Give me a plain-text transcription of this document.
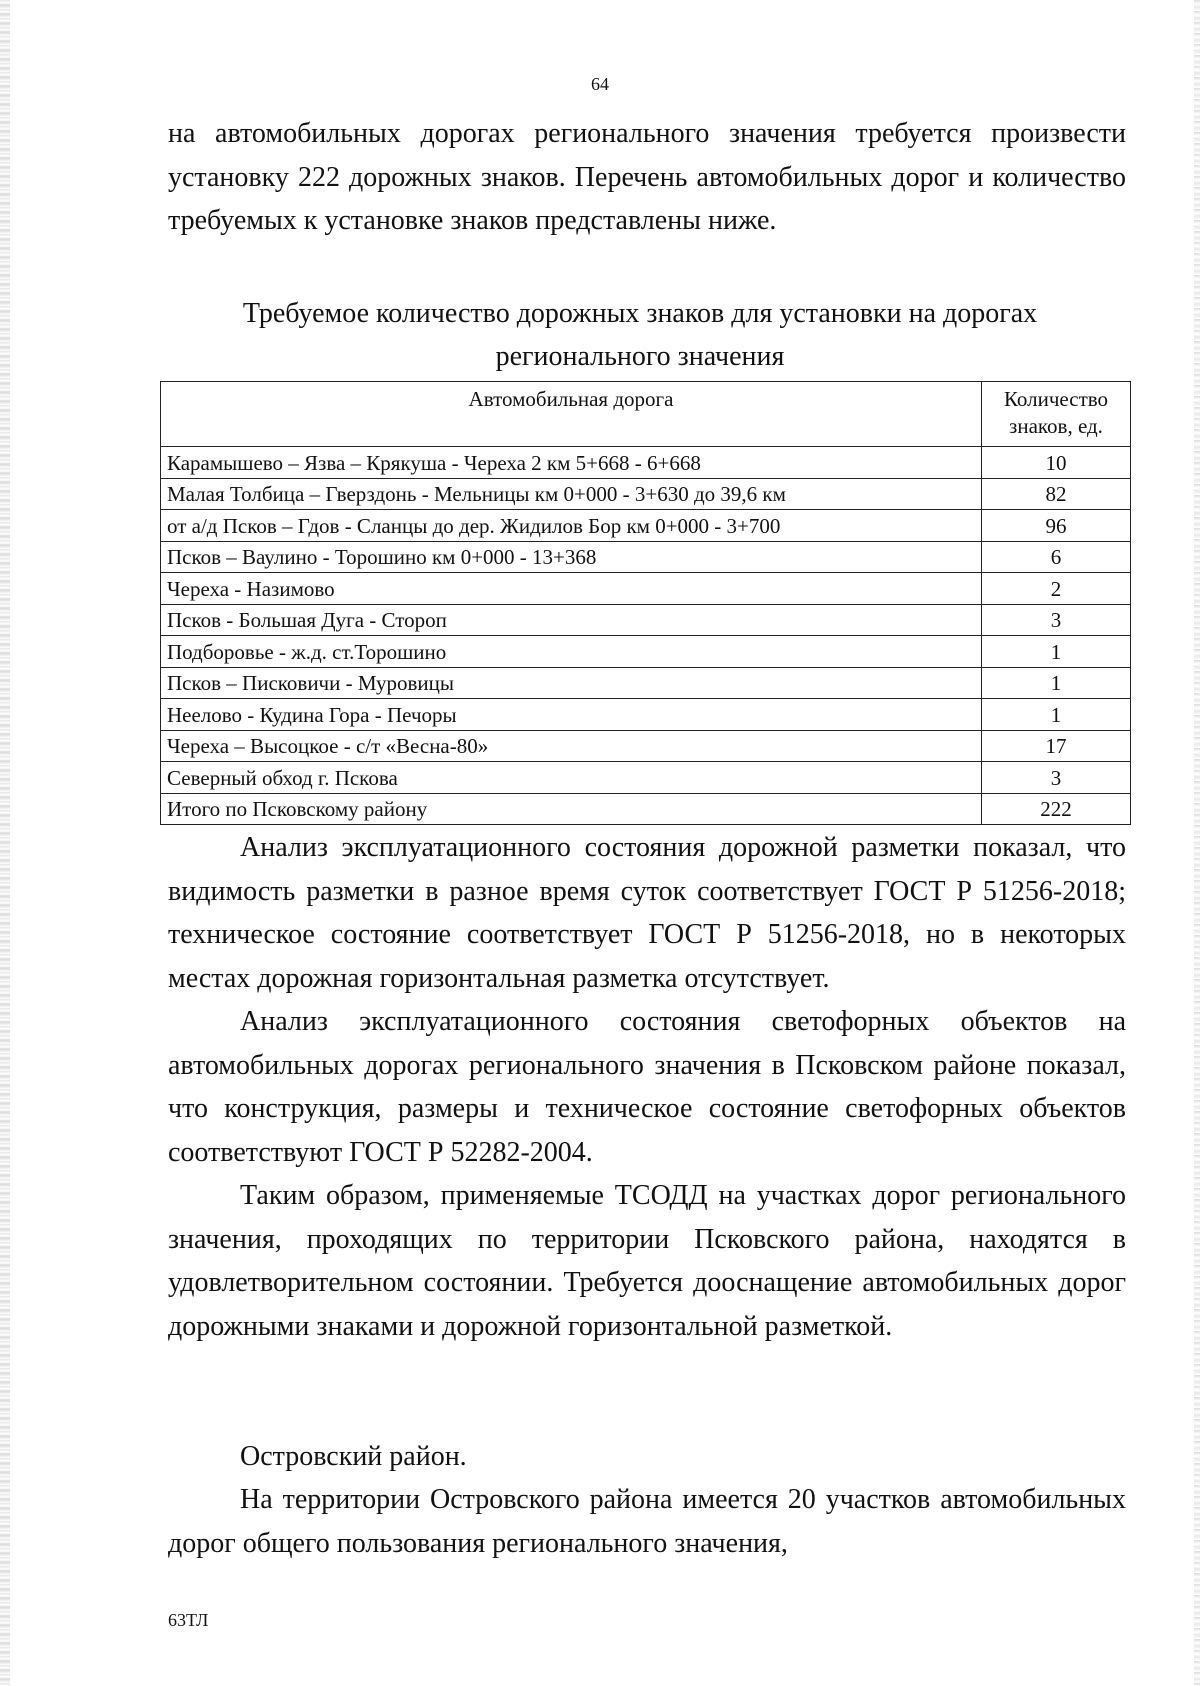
64

на автомобильных дорогах регионального значения требуется произвести установку 222 дорожных знаков. Перечень автомобильных дорог и количество требуемых к установке знаков представлены ниже.

Требуемое количество дорожных знаков для установки на дорогах
регионального значения
Автомобильная дорога	Количество знаков, ед.
Карамышево – Язва – Крякуша - Череха 2 км 5+668 - 6+668	10
Малая Толбица – Гверздонь - Мельницы км 0+000 - 3+630 до 39,6 км	82
от а/д Псков – Гдов - Сланцы до дер. Жидилов Бор км 0+000 - 3+700	96
Псков – Ваулино - Торошино км 0+000 - 13+368	6
Череха - Назимово	2
Псков - Большая Дуга - Стороп	3
Подборовье - ж.д. ст.Торошино	1
Псков – Писковичи - Муровицы	1
Неелово - Кудина Гора - Печоры	1
Череха – Высоцкое - с/т «Весна-80»	17
Северный обход г. Пскова	3
Итого по Псковскому району	222

Анализ эксплуатационного состояния дорожной разметки показал, что видимость разметки в разное время суток соответствует ГОСТ Р 51256-2018; техническое состояние соответствует ГОСТ Р 51256-2018, но в некоторых местах дорожная горизонтальная разметка отсутствует.

Анализ эксплуатационного состояния светофорных объектов на автомобильных дорогах регионального значения в Псковском районе показал, что конструкция, размеры и техническое состояние светофорных объектов соответствуют ГОСТ Р 52282-2004.

Таким образом, применяемые ТСОДД на участках дорог регионального значения, проходящих по территории Псковского района, находятся в удовлетворительном состоянии. Требуется дооснащение автомобильных дорог дорожными знаками и дорожной горизонтальной разметкой.

Островский район.

На территории Островского района имеется 20 участков автомобильных дорог общего пользования регионального значения,

63ТЛ
